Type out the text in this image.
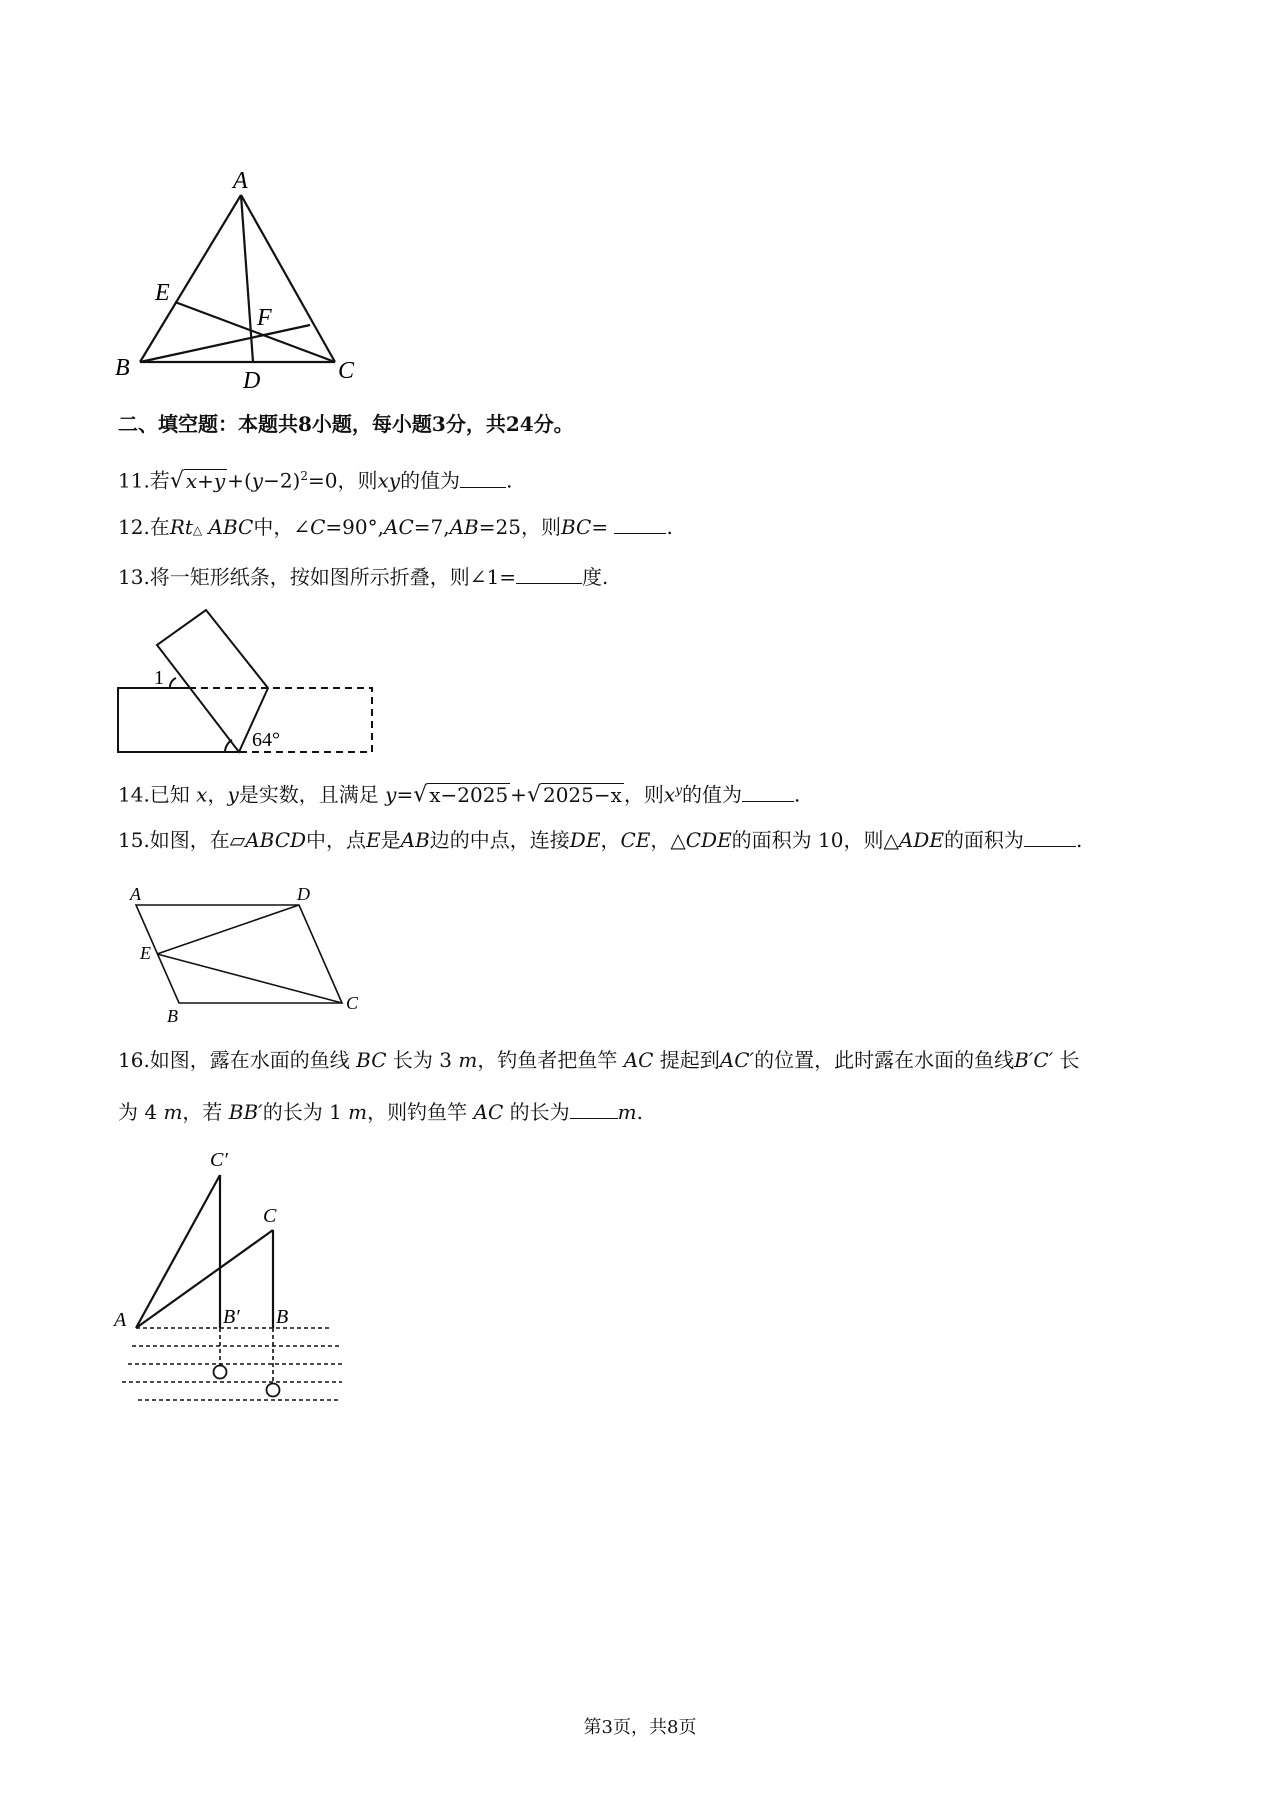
A
B	C
D
E
F
二、填空题：本题共8小题，每小题3分，共24分。
11.若√ $x+y +(y-2)^2=0$，则xy的值为 .
12.在Rt△ ABC中，∠C=90°,AC=7,AB=25，则BC=	.
13.将一矩形纸条，按如图所示折叠，则∠1=	度.
1
64°
14.已知 x，y是实数，且满足 y=√ x−2025 +√ 2025−x ，则$x^y$的值为	.
15.如图，在▱ABCD中，点E是AB边的中点，连接DE，CE，△CDE的面积为 10，则△ADE的面积为	.
A	D
E
B
C
16.如图，露在水面的鱼线 BC 长为 3 m，钓鱼者把鱼竿 AC 提起到AC′的位置，此时露在水面的鱼线B′C′ 长
为 4 m，若 BB′的长为 1 m，则钓鱼竿 AC 的长为 m.
A	B′ B
C
C′
第3页，共8页
